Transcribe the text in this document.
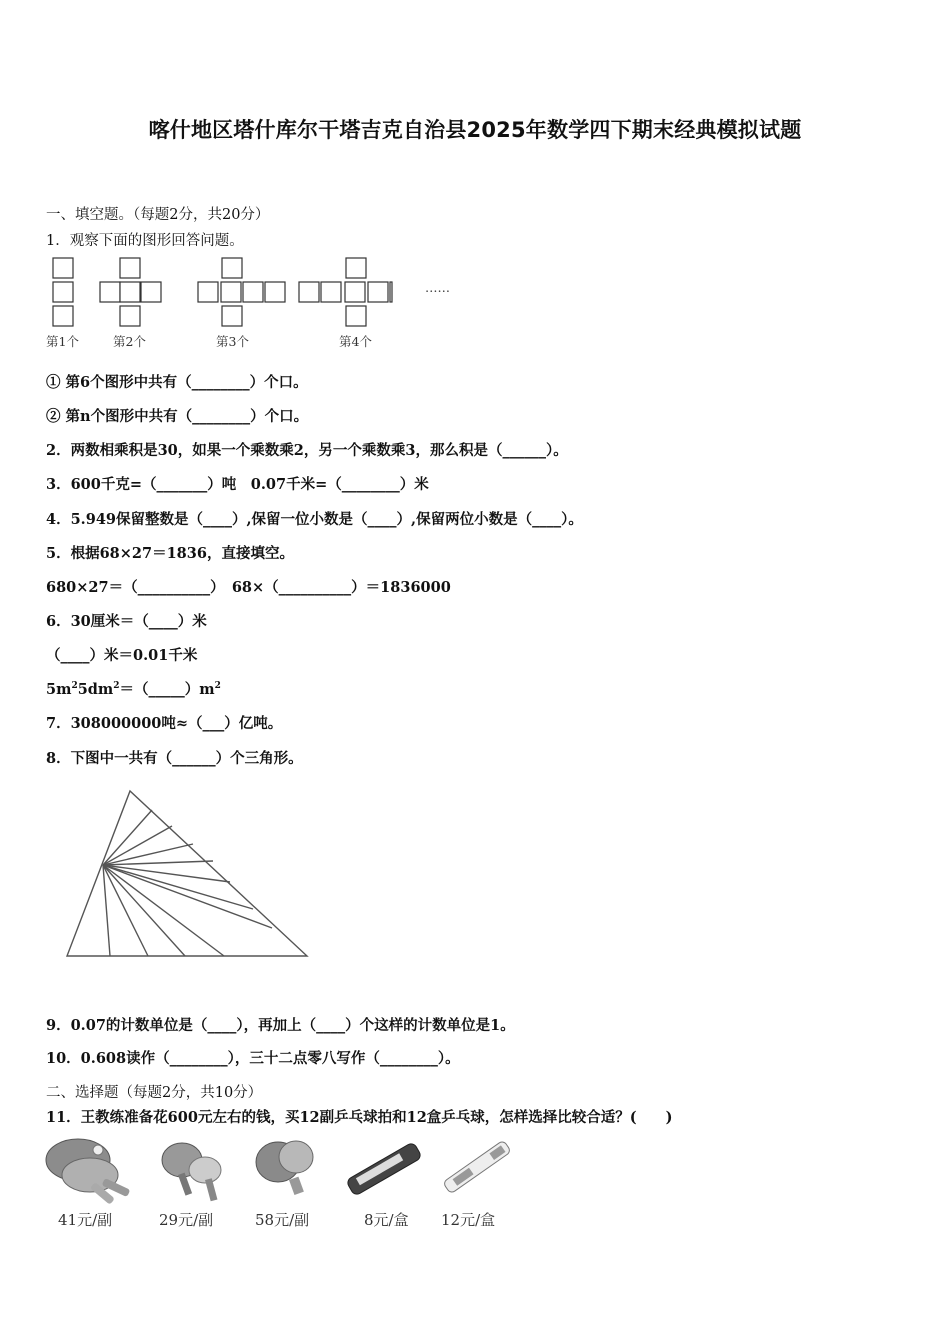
喀什地区塔什库尔干塔吉克自治县2025年数学四下期末经典模拟试题
一、填空题。（每题2分，共20分）
1．观察下面的图形回答问题。
第1个	第2个	第3个	第4个
……
① 第6个图形中共有（________）个口。
② 第n个图形中共有（________）个口。
2．两数相乘积是30，如果一个乘数乘2，另一个乘数乘3，那么积是（______）。
3．600千克=（_______）吨　0.07千米=（________）米
4．5.949保留整数是（____）,保留一位小数是（____）,保留两位小数是（____）。
5．根据68×27＝1836，直接填空。
680×27＝（__________）　68×（__________）＝1836000
6．30厘米＝（____）米
（____）米＝0.01千米
$5m^25dm^2=(\_\_\_\_\_)m^2$
7．308000000吨≈（___）亿吨。
8．下图中一共有（______）个三角形。
9．0.07的计数单位是（____），再加上（____）个这样的计数单位是1。
10．0.608读作（________），三十二点零八写作（________）。
二、选择题（每题2分，共10分）
11．王教练准备花600元左右的钱，买12副乒乓球拍和12盒乒乓球，怎样选择比较合适？(　　)
41元/副	29元/副	58元/副	8元/盒 12元/盒
